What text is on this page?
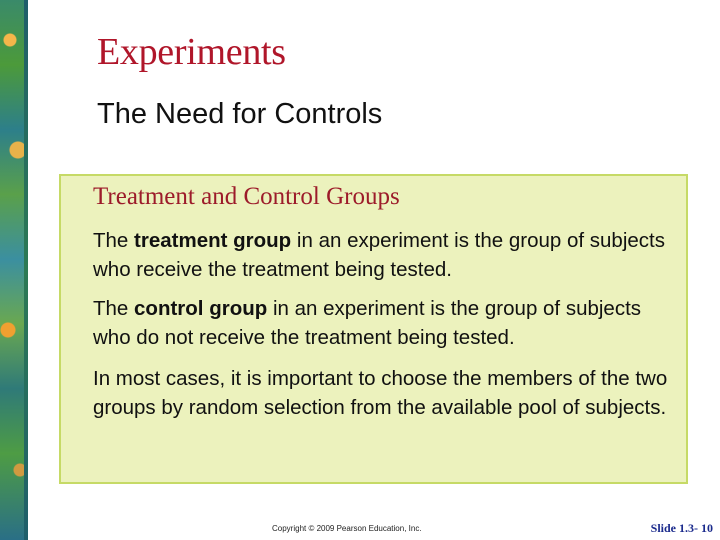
Experiments
The Need for Controls
Treatment and Control Groups

The treatment group in an experiment is the group of subjects who receive the treatment being tested.

The control group in an experiment is the group of subjects who do not receive the treatment being tested.

In most cases, it is important to choose the members of the two groups by random selection from the available pool of subjects.

Copyright © 2009 Pearson Education, Inc.	Slide 1.3- 10
